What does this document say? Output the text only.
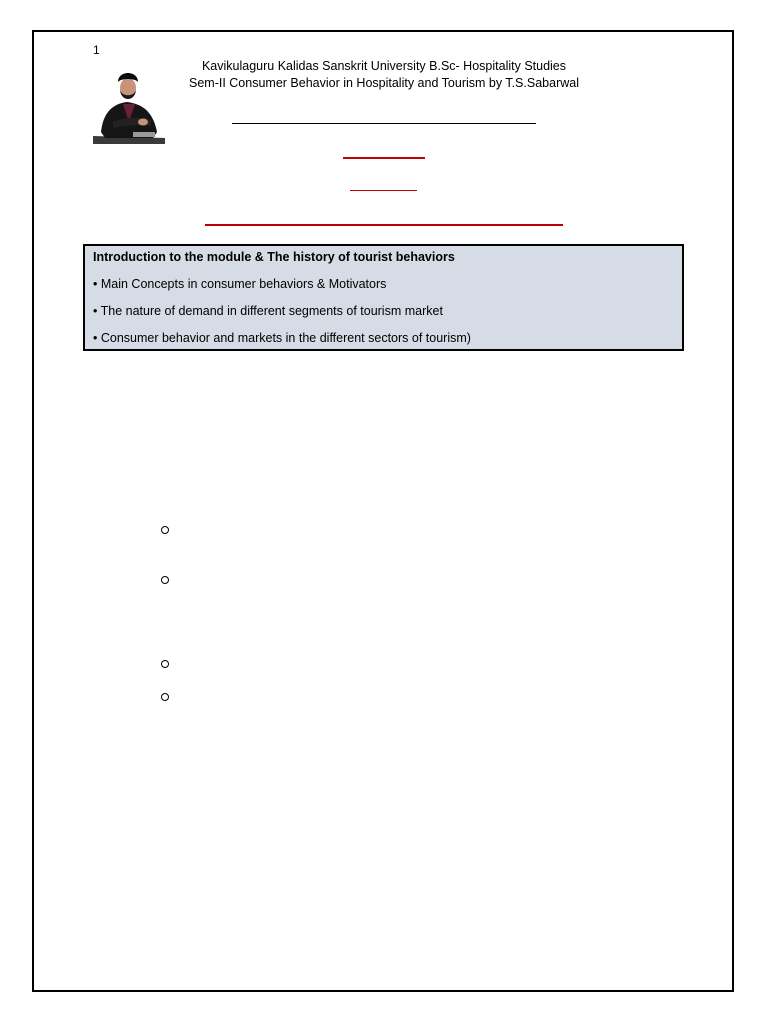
1
Kavikulaguru Kalidas Sanskrit University B.Sc- Hospitality Studies
Sem-II Consumer Behavior in Hospitality and Tourism by T.S.Sabarwal
Introduction to the module & The history of tourist behaviors
• Main Concepts in consumer behaviors & Motivators
• The nature of demand in different segments of tourism market
• Consumer behavior and markets in the different sectors of tourism)
